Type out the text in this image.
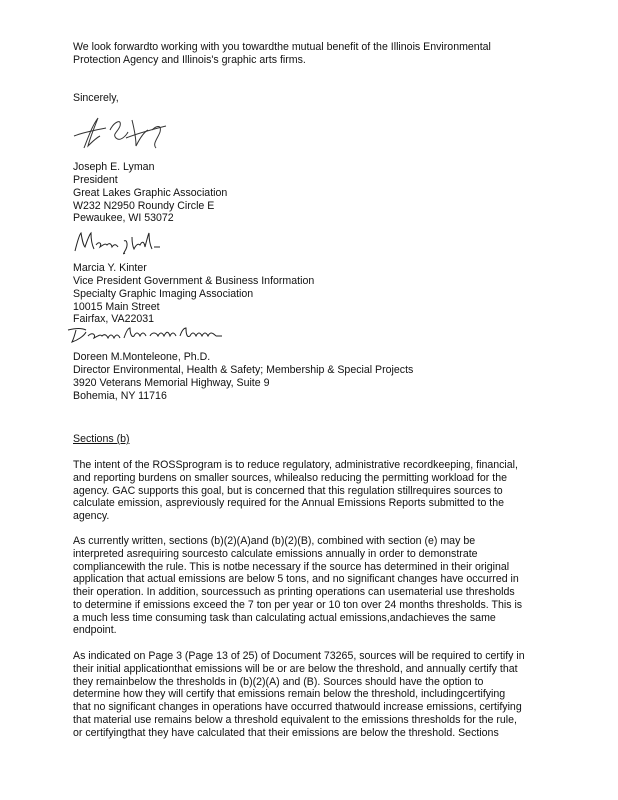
We look forwardto working with you towardthe mutual benefit of the Illinois Environmental
Protection Agency and Illinois's graphic arts firms.
Sincerely,
Joseph E. Lyman
President
Great Lakes Graphic Association
W232 N2950 Roundy Circle E
Pewaukee, WI 53072
Marcia Y. Kinter
Vice President Government & Business Information
Specialty Graphic Imaging Association
10015 Main Street
Fairfax, VA22031
Doreen M.Monteleone, Ph.D.
Director Environmental, Health & Safety; Membership & Special Projects
3920 Veterans Memorial Highway, Suite 9
Bohemia, NY 11716
Sections (b)
The intent of the ROSSprogram is to reduce regulatory, administrative recordkeeping, financial,
and reporting burdens on smaller sources, whilealso reducing the permitting workload for the
agency. GAC supports this goal, but is concerned that this regulation stillrequires sources to
calculate emission, aspreviously required for the Annual Emissions Reports submitted to the
agency.
As currently written, sections (b)(2)(A)and (b)(2)(B), combined with section (e) may be
interpreted asrequiring sourcesto calculate emissions annually in order to demonstrate
compliancewith the rule. This is notbe necessary if the source has determined in their original
application that actual emissions are below 5 tons, and no significant changes have occurred in
their operation. In addition, sourcessuch as printing operations can usematerial use thresholds
to determine if emissions exceed the 7 ton per year or 10 ton over 24 months thresholds. This is
a much less time consuming task than calculating actual emissions,andachieves the same
endpoint.
As indicated on Page 3 (Page 13 of 25) of Document 73265, sources will be required to certify in
their initial applicationthat emissions will be or are below the threshold, and annually certify that
they remainbelow the thresholds in (b)(2)(A) and (B). Sources should have the option to
determine how they will certify that emissions remain below the threshold, includingcertifying
that no significant changes in operations have occurred thatwould increase emissions, certifying
that material use remains below a threshold equivalent to the emissions thresholds for the rule,
or certifyingthat they have calculated that their emissions are below the threshold. Sections
